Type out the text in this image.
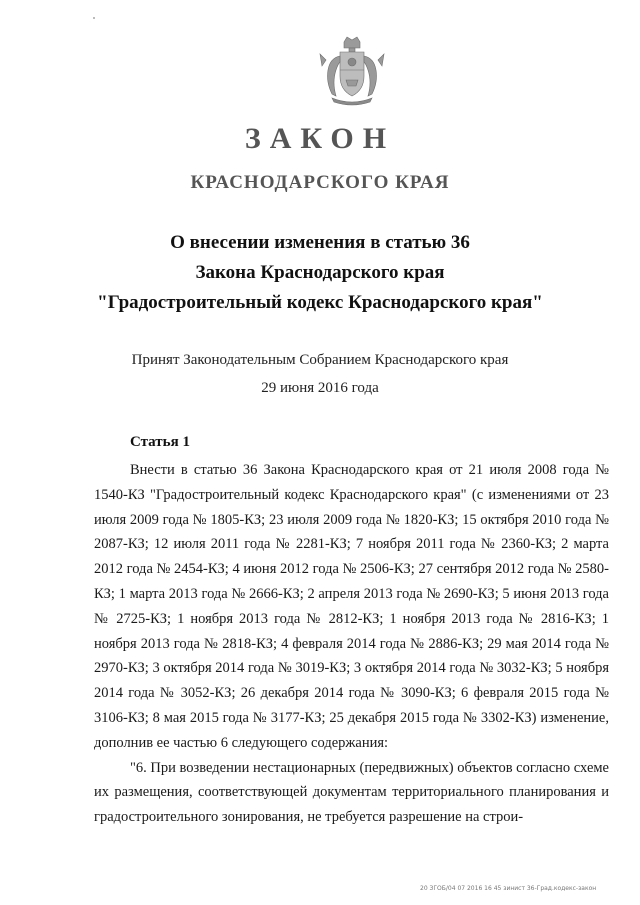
ЗАКОН
КРАСНОДАРСКОГО КРАЯ
О внесении изменения в статью 36
Закона Краснодарского края
"Градостроительный кодекс Краснодарского края"
Принят Законодательным Собранием Краснодарского края
29 июня 2016 года
Статья 1

Внести в статью 36 Закона Краснодарского края от 21 июля 2008 года № 1540-КЗ "Градостроительный кодекс Краснодарского края" (с изменениями от 23 июля 2009 года № 1805-КЗ; 23 июля 2009 года № 1820-КЗ; 15 октября 2010 года № 2087-КЗ; 12 июля 2011 года № 2281-КЗ; 7 ноября 2011 года № 2360-КЗ; 2 марта 2012 года № 2454-КЗ; 4 июня 2012 года № 2506-КЗ; 27 сентября 2012 года № 2580-КЗ; 1 марта 2013 года № 2666-КЗ; 2 апреля 2013 года № 2690-КЗ; 5 июня 2013 года № 2725-КЗ; 1 ноября 2013 года № 2812-КЗ; 1 ноября 2013 года № 2816-КЗ; 1 ноября 2013 года № 2818-КЗ; 4 февраля 2014 года № 2886-КЗ; 29 мая 2014 года № 2970-КЗ; 3 октября 2014 года № 3019-КЗ; 3 октября 2014 года № 3032-КЗ; 5 ноября 2014 года № 3052-КЗ; 26 декабря 2014 года № 3090-КЗ; 6 февраля 2015 года № 3106-КЗ; 8 мая 2015 года № 3177-КЗ; 25 декабря 2015 года № 3302-КЗ) изменение, дополнив ее частью 6 следующего содержания:

"6. При возведении нестационарных (передвижных) объектов согласно схеме их размещения, соответствующей документам территориального планирования и градостроительного зонирования, не требуется разрешение на строи-

20 ЗГОБ/04 07 2016 16 45 зинист 36-Град.кодекс-закон
